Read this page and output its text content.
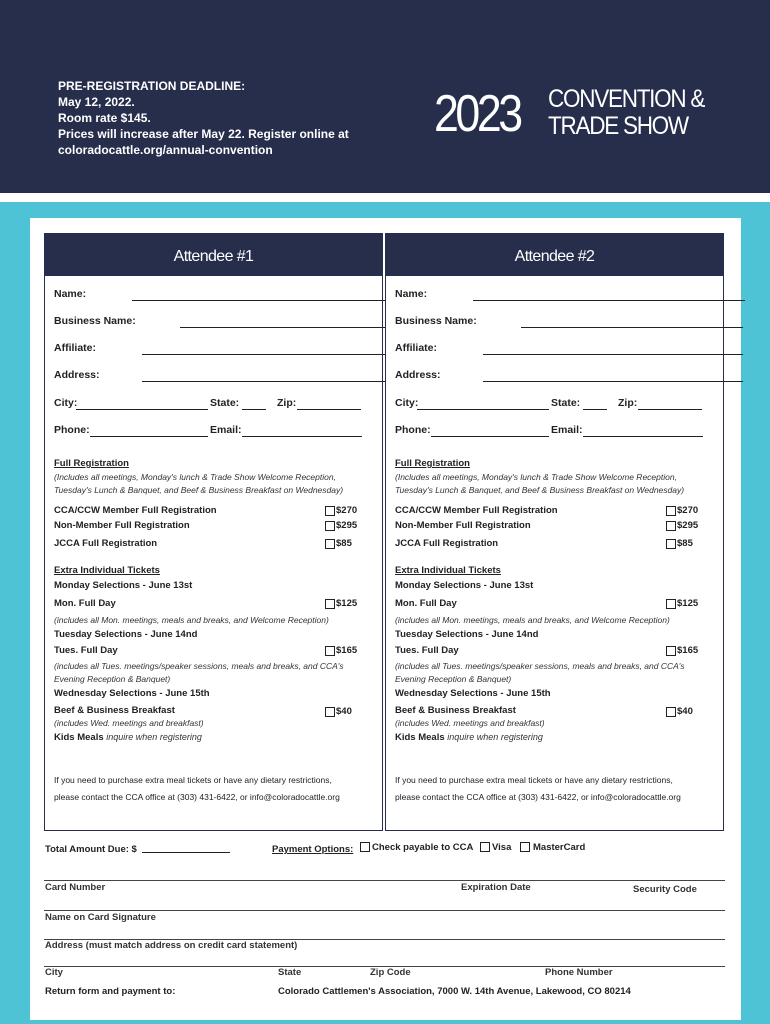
PRE-REGISTRATION DEADLINE:
May 12, 2022.
Room rate $145.
Prices will increase after May 22. Register online at
coloradocattle.org/annual-convention
2023 CONVENTION &
TRADE SHOW
Attendee #1
Name:
Business Name:
Affiliate:
Address:
City:	State:	Zip:
Phone:	Email:
Full Registration
(Includes all meetings, Monday's lunch & Trade Show Welcome Reception,
Tuesday's Lunch & Banquet, and Beef & Business Breakfast on Wednesday)
CCA/CCW Member Full Registration	$270
Non-Member Full Registration	$295
JCCA Full Registration	$85
Extra Individual Tickets
Monday Selections - June 13st
Mon. Full Day	$125
(includes all Mon. meetings, meals and breaks, and Welcome Reception)
Tuesday Selections - June 14nd
Tues. Full Day	$165
(includes all Tues. meetings/speaker sessions, meals and breaks, and CCA's
Evening Reception & Banquet)
Wednesday Selections - June 15th
Beef & Business Breakfast	$40
(includes Wed. meetings and breakfast)
Kids Meals inquire when registering
If you need to purchase extra meal tickets or have any dietary restrictions,
please contact the CCA office at (303) 431-6422, or info@coloradocattle.org
Attendee #2
Name:
Business Name:
Affiliate:
Address:
City:	State:	Zip:
Phone:	Email:
Full Registration
(Includes all meetings, Monday's lunch & Trade Show Welcome Reception,
Tuesday's Lunch & Banquet, and Beef & Business Breakfast on Wednesday)
CCA/CCW Member Full Registration	$270
Non-Member Full Registration	$295
JCCA Full Registration	$85
Extra Individual Tickets
Monday Selections - June 13st
Mon. Full Day	$125
(includes all Mon. meetings, meals and breaks, and Welcome Reception)
Tuesday Selections - June 14nd
Tues. Full Day	$165
(includes all Tues. meetings/speaker sessions, meals and breaks, and CCA's
Evening Reception & Banquet)
Wednesday Selections - June 15th
Beef & Business Breakfast	$40
(includes Wed. meetings and breakfast)
Kids Meals inquire when registering
If you need to purchase extra meal tickets or have any dietary restrictions,
please contact the CCA office at (303) 431-6422, or info@coloradocattle.org
Total Amount Due: $	Payment Options: Check payable to CCA Visa MasterCard
Card Number	Expiration Date	Security Code
Name on Card Signature
Address (must match address on credit card statement)
City	State	Zip Code	Phone Number
Return form and payment to:	Colorado Cattlemen's Association, 7000 W. 14th Avenue, Lakewood, CO 80214
